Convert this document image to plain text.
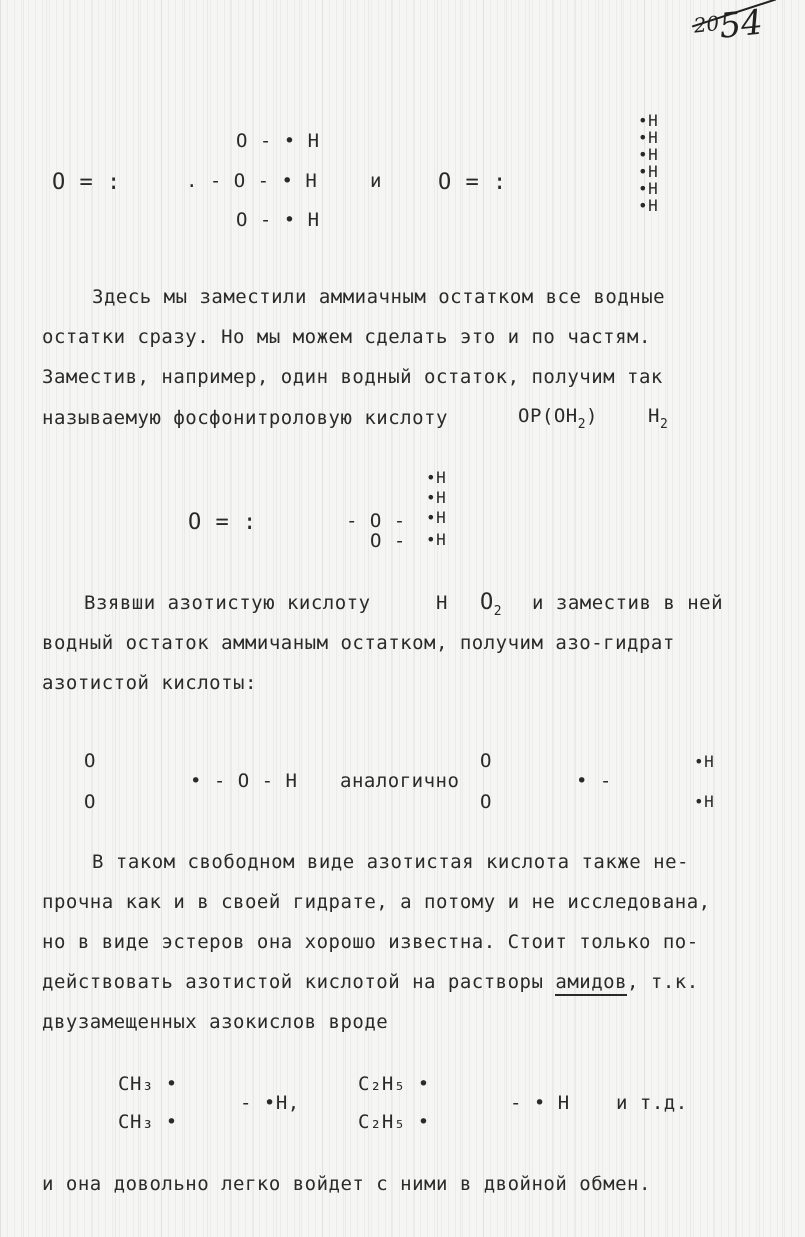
$^{20}$54
O = :
O - • H
. - O - • H
O - • H
и	O = :
•H
•H
•H
•H
•H
•H
Здесь мы заместили аммиачным остатком все водные
остатки сразу. Но мы можем сделать это и по частям.
Заместив, например, один водный остаток, получим так
называемую фосфонитроловую кислоту	$OP(OH_2)$	$H_2$
O = :	- O -
O -
•H
•H
•H
•H
Взявши азотистую кислоту	H $O_2$ и заместив в ней
водный остаток аммичаным остатком, получим азо-гидрат
азотистой кислоты:
O
O
• - O - H аналогично
O
O
• -
•H
•H
В таком свободном виде азотистая кислота также не-
прочна как и в своей гидрате, а потому и не исследована,
но в виде эстеров она хорошо известна. Стоит только по-
действовать азотистой кислотой на растворы амидов, т.к.
двузамещенных азокислов вроде
CH₃ •
CH₃ •
- •H,
C₂H₅ •
C₂H₅ •
- • H и т.д.
и она довольно легко войдет с ними в двойной обмен.
